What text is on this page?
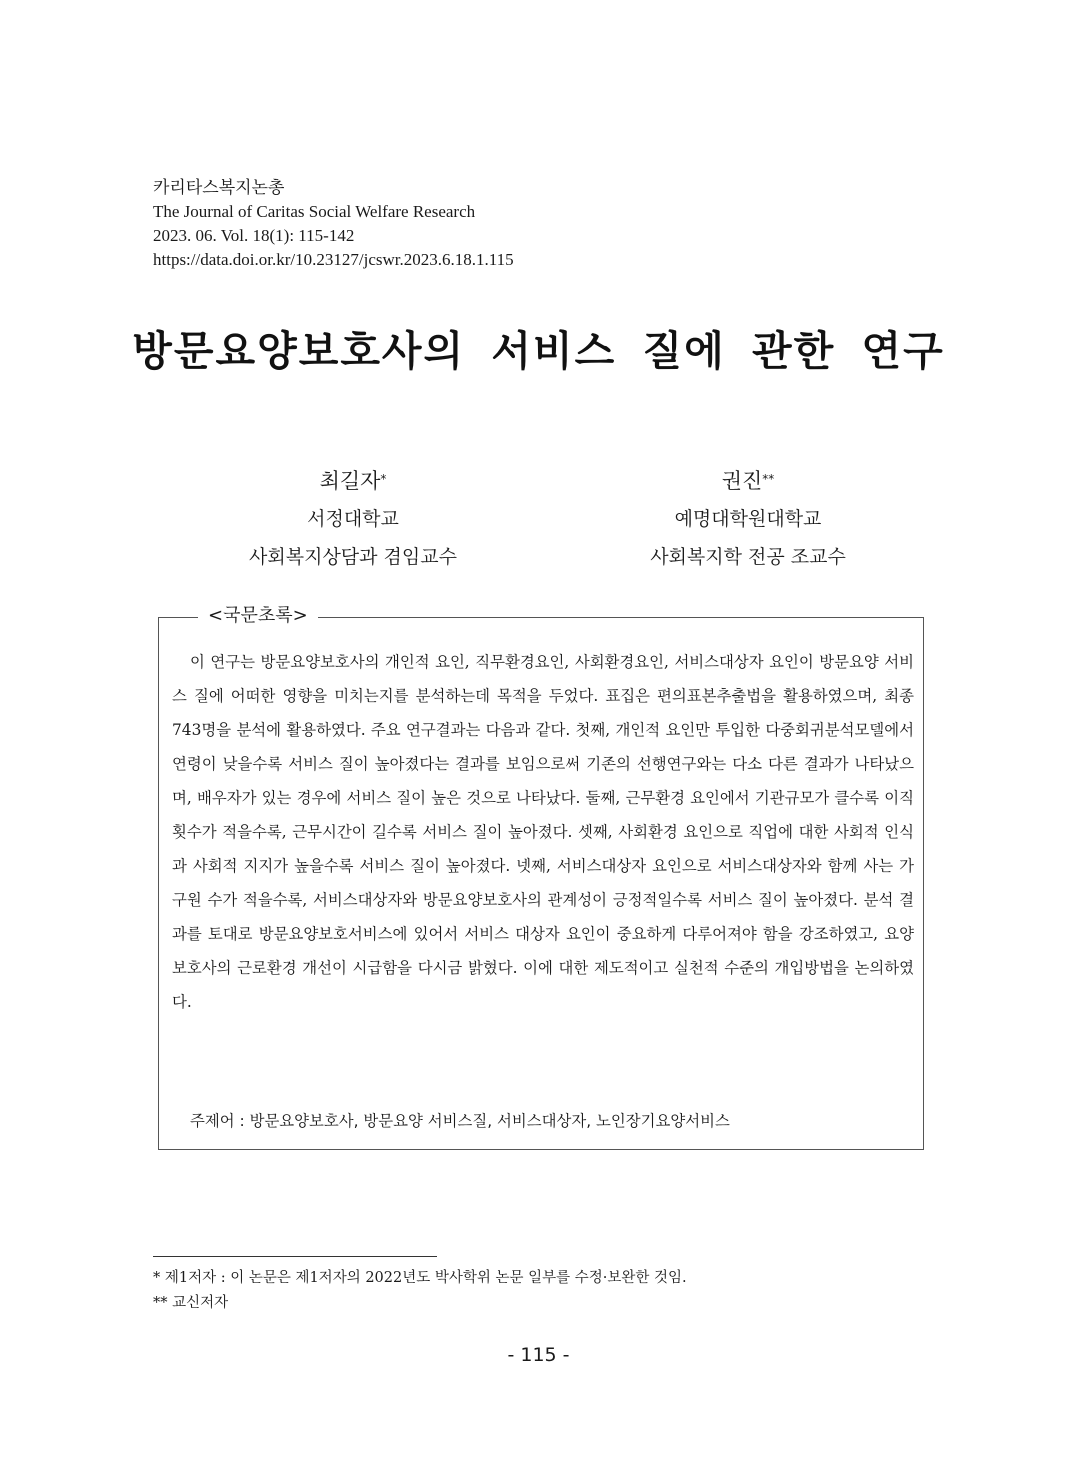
카리타스복지논총
The Journal of Caritas Social Welfare Research
2023. 06. Vol. 18(1): 115-142
https://data.doi.or.kr/10.23127/jcswr.2023.6.18.1.115
방문요양보호사의 서비스 질에 관한 연구
최길자*
서정대학교
사회복지상담과 겸임교수
권진**
예명대학원대학교
사회복지학 전공 조교수
<국문초록>

이 연구는 방문요양보호사의 개인적 요인, 직무환경요인, 사회환경요인, 서비스대상자 요인이 방문요양 서비스 질에 어떠한 영향을 미치는지를 분석하는데 목적을 두었다. 표집은 편의표본추출법을 활용하였으며, 최종 743명을 분석에 활용하였다. 주요 연구결과는 다음과 같다. 첫째, 개인적 요인만 투입한 다중회귀분석모델에서 연령이 낮을수록 서비스 질이 높아졌다는 결과를 보임으로써 기존의 선행연구와는 다소 다른 결과가 나타났으며, 배우자가 있는 경우에 서비스 질이 높은 것으로 나타났다. 둘째, 근무환경 요인에서 기관규모가 클수록 이직횟수가 적을수록, 근무시간이 길수록 서비스 질이 높아졌다. 셋째, 사회환경 요인으로 직업에 대한 사회적 인식과 사회적 지지가 높을수록 서비스 질이 높아졌다. 넷째, 서비스대상자 요인으로 서비스대상자와 함께 사는 가구원 수가 적을수록, 서비스대상자와 방문요양보호사의 관계성이 긍정적일수록 서비스 질이 높아졌다. 분석 결과를 토대로 방문요양보호서비스에 있어서 서비스 대상자 요인이 중요하게 다루어져야 함을 강조하였고, 요양보호사의 근로환경 개선이 시급함을 다시금 밝혔다. 이에 대한 제도적이고 실천적 수준의 개입방법을 논의하였다.

주제어 : 방문요양보호사, 방문요양 서비스질, 서비스대상자, 노인장기요양서비스
* 제1저자 : 이 논문은 제1저자의 2022년도 박사학위 논문 일부를 수정·보완한 것임.
** 교신저자
- 115 -
